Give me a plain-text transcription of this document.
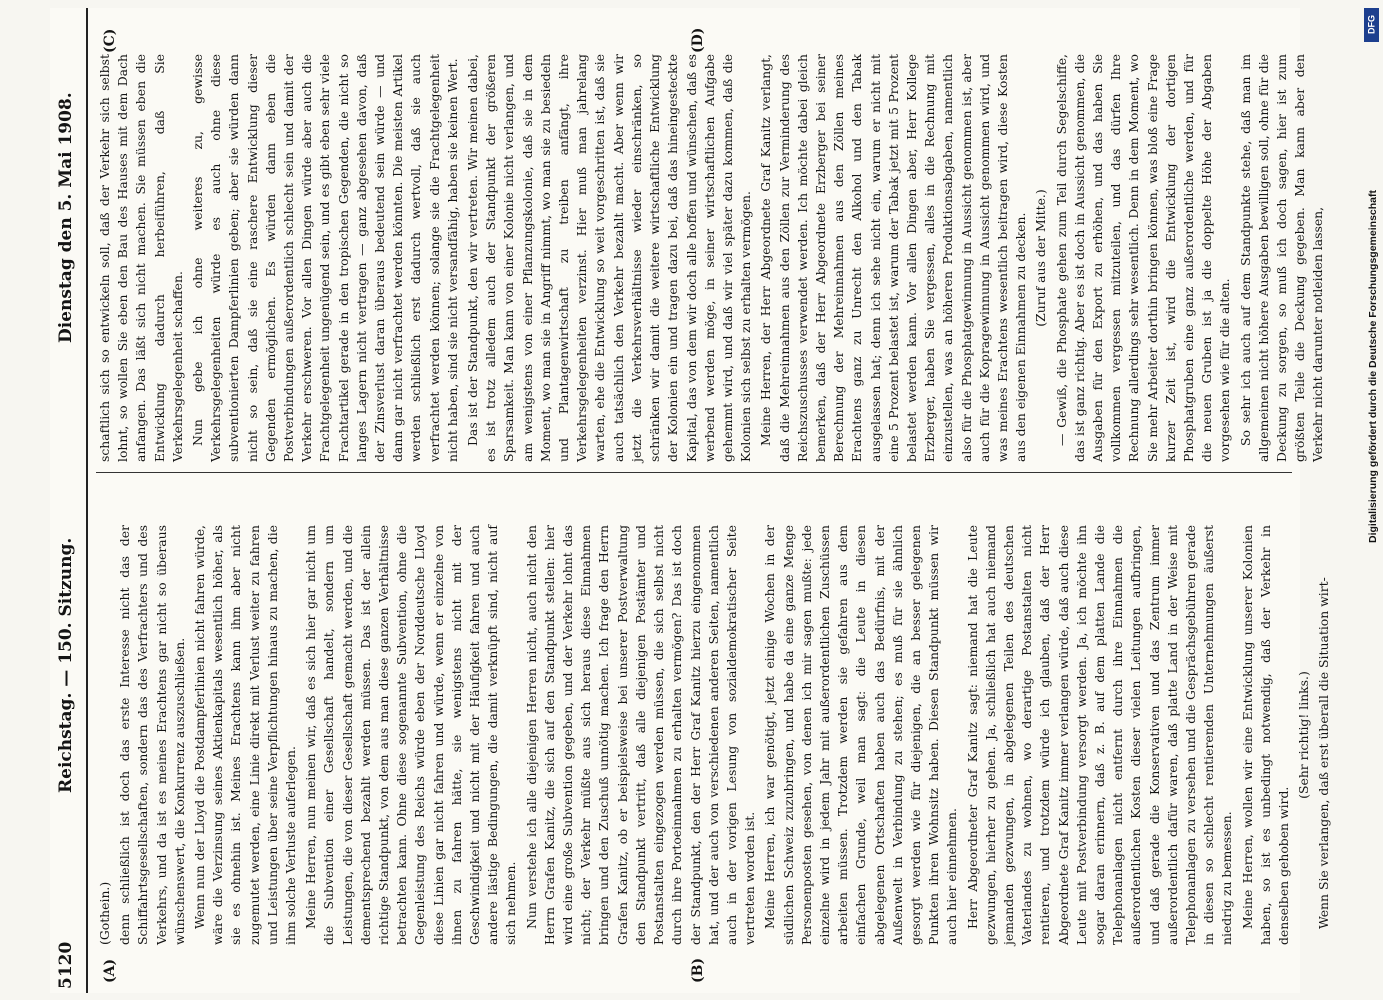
5120
Reichstag. — 150. Sitzung.
Dienstag den 5. Mai 1908.
(A)	(B)
(C)	(D)

(Gothein.) denn schließlich ist doch das erste Interesse nicht das der Schiffahrtsgesellschaften, sondern das des Verfrachters und des Verkehrs, und da ist es meines Erachtens gar nicht so überaus wünschenswert, die Konkurrenz auszuschließen. Wenn nun der Lloyd die Postdampferlinien nicht fahren würde, wäre die Verzinsung seines Aktienkapitals wesentlich höher, als sie es ohnehin ist. Meines Erachtens kann ihm aber nicht zugemutet werden, eine Linie direkt mit Verlust weiter zu fahren und Leistungen über seine Verpflichtungen hinaus zu machen, die ihm solche Verluste auferlegen. Meine Herren, nun meinen wir, daß es sich hier gar nicht um die Subvention einer Gesellschaft handelt, sondern um Leistungen, die von dieser Gesellschaft gemacht werden, und die dementsprechend bezahlt werden müssen. Das ist der allein richtige Standpunkt, von dem aus man diese ganzen Verhältnisse betrachten kann. Ohne diese sogenannte Subvention, ohne die Gegenleistung des Reichs würde eben der Norddeutsche Lloyd diese Linien gar nicht fahren und würde, wenn er einzelne von ihnen zu fahren hätte, sie wenigstens nicht mit der Geschwindigkeit und nicht mit der Häufigkeit fahren und auch andere lästige Bedingungen, die damit verknüpft sind, nicht auf sich nehmen. Nun verstehe ich alle diejenigen Herren nicht, auch nicht den Herrn Grafen Kanitz, die sich auf den Standpunkt stellen: hier wird eine große Subvention gegeben, und der Verkehr lohnt das nicht; der Verkehr müßte aus sich heraus diese Einnahmen bringen und den Zuschuß unnötig machen. Ich frage den Herrn Grafen Kanitz, ob er beispielsweise bei unserer Postverwaltung den Standpunkt vertritt, daß alle diejenigen Postämter und Postanstalten eingezogen werden müssen, die sich selbst nicht durch ihre Portoeinnahmen zu erhalten vermögen? Das ist doch der Standpunkt, den der Herr Graf Kanitz hierzu eingenommen hat, und der auch von verschiedenen anderen Seiten, namentlich auch in der vorigen Lesung von sozialdemokratischer Seite vertreten worden ist. Meine Herren, ich war genötigt, jetzt einige Wochen in der südlichen Schweiz zuzubringen, und habe da eine ganze Menge Personenposten gesehen, von denen ich mir sagen mußte: jede einzelne wird in jedem Jahr mit außerordentlichen Zuschüssen arbeiten müssen. Trotzdem werden sie gefahren aus dem einfachen Grunde, weil man sagt: die Leute in diesen abgelegenen Ortschaften haben auch das Bedürfnis, mit der Außenwelt in Verbindung zu stehen; es muß für sie ähnlich gesorgt werden wie für diejenigen, die an besser gelegenen Punkten ihren Wohnsitz haben. Diesen Standpunkt müssen wir auch hier einnehmen. Herr Abgeordneter Graf Kanitz sagt: niemand hat die Leute gezwungen, hierher zu gehen. Ja, schließlich hat auch niemand jemanden gezwungen, in abgelegenen Teilen des deutschen Vaterlandes zu wohnen, wo derartige Postanstalten nicht rentieren, und trotzdem würde ich glauben, daß der Herr Abgeordnete Graf Kanitz immer verlangen würde, daß auch diese Leute mit Postverbindung versorgt werden. Ja, ich möchte ihn sogar daran erinnern, daß z. B. auf dem platten Lande die Telephonanlagen nicht entfernt durch ihre Einnahmen die außerordentlichen Kosten dieser vielen Leitungen aufbringen, und daß gerade die Konservativen und das Zentrum immer außerordentlich dafür waren, daß platte Land in der Weise mit Telephonanlagen zu versehen und die Gesprächsgebühren gerade in diesen so schlecht rentierenden Unternehmungen äußerst niedrig zu bemessen. Meine Herren, wollen wir eine Entwicklung unserer Kolonien haben, so ist es unbedingt notwendig, daß der Verkehr in denselben gehoben wird.

(Sehr richtig! links.) Wenn Sie verlangen, daß erst überall die Situation wirt-

schaftlich sich so entwickeln soll, daß der Verkehr sich selbst lohnt, so wollen Sie eben den Bau des Hauses mit dem Dach anfangen. Das läßt sich nicht machen. Sie müssen eben die Entwicklung dadurch herbeiführen, daß Sie Verkehrsgelegenheit schaffen. Nun gebe ich ohne weiteres zu, gewisse Verkehrsgelegenheiten würde es auch ohne diese subventionierten Dampferlinien geben; aber sie würden dann nicht so sein, daß sie eine raschere Entwicklung dieser Gegenden ermöglichen. Es würden dann eben die Postverbindungen außerordentlich schlecht sein und damit der Verkehr erschweren. Vor allen Dingen würde aber auch die Frachtgelegenheit ungenügend sein, und es gibt eben sehr viele Frachtartikel gerade in den tropischen Gegenden, die nicht so langes Lagern nicht vertragen — ganz abgesehen davon, daß der Zinsverlust daran überaus bedeutend sein würde — und dann gar nicht verfrachtet werden könnten. Die meisten Artikel werden schließlich erst dadurch wertvoll, daß sie auch verfrachtet werden können; solange sie die Frachtgelegenheit nicht haben, sind sie nicht versandfähig, haben sie keinen Wert. Das ist der Standpunkt, den wir vertreten. Wir meinen dabei, es ist trotz alledem auch der Standpunkt der größeren Sparsamkeit. Man kann von einer Kolonie nicht verlangen, und am wenigstens von einer Pflanzungskolonie, daß sie in dem Moment, wo man sie in Angriff nimmt, wo man sie zu besiedeln und Plantagenwirtschaft zu treiben anfängt, ihre Verkehrsgelegenheiten verzinst. Hier muß man jahrelang warten, ehe die Entwicklung so weit vorgeschritten ist, daß sie auch tatsächlich den Verkehr bezahlt macht. Aber wenn wir jetzt die Verkehrsverhältnisse wieder einschränken, so schränken wir damit die weitere wirtschaftliche Entwicklung der Kolonien ein und tragen dazu bei, daß das hineingesteckte Kapital, das von dem wir doch alle hoffen und wünschen, daß es werbend werden möge, in seiner wirtschaftlichen Aufgabe gehemmt wird, und daß wir viel später dazu kommen, daß die Kolonien sich selbst zu erhalten vermögen. Meine Herren, der Herr Abgeordnete Graf Kanitz verlangt, daß die Mehreinnahmen aus den Zöllen zur Verminderung des Reichszuschusses verwendet werden. Ich möchte dabei gleich bemerken, daß der Herr Abgeordnete Erzberger bei seiner Berechnung der Mehreinnahmen aus den Zöllen meines Erachtens ganz zu Unrecht den Alkohol und den Tabak ausgelassen hat; denn ich sehe nicht ein, warum er nicht mit eine 5 Prozent belastet ist, warum der Tabak jetzt mit 5 Prozent belastet werden kann. Vor allen Dingen aber, Herr Kollege Erzberger, haben Sie vergessen, alles in die Rechnung mit einzustellen, was an höheren Produktionsabgaben, namentlich also für die Phosphatgewinnung in Aussicht genommen ist, aber auch für die Kopragewinnung in Aussicht genommen wird, und was meines Erachtens wesentlich beitragen wird, diese Kosten aus den eigenen Einnahmen zu decken. (Zuruf aus der Mitte.) — Gewiß, die Phosphate gehen zum Teil durch Segelschiffe, das ist ganz richtig. Aber es ist doch in Aussicht genommen, die Ausgaben für den Export zu erhöhen, und das haben Sie vollkommen vergessen mitzuteilen, und das dürfen Ihre Rechnung allerdings sehr wesentlich. Denn in dem Moment, wo Sie mehr Arbeiter dorthin bringen können, was bloß eine Frage kurzer Zeit ist, wird die Entwicklung der dortigen Phosphatgruben eine ganz außerordentliche werden, und für die neuen Gruben ist ja die doppelte Höhe der Abgaben vorgesehen wie für die alten. So sehr ich auch auf dem Standpunkte stehe, daß man im allgemeinen nicht höhere Ausgaben bewilligen soll, ohne für die Deckung zu sorgen, so muß ich doch sagen, hier ist zum größten Teile die Deckung gegeben. Man kann aber den Verkehr nicht darunter notleiden lassen,

DFG
Digitalisierung gefördert durch die Deutsche Forschungsgemeinschaft
